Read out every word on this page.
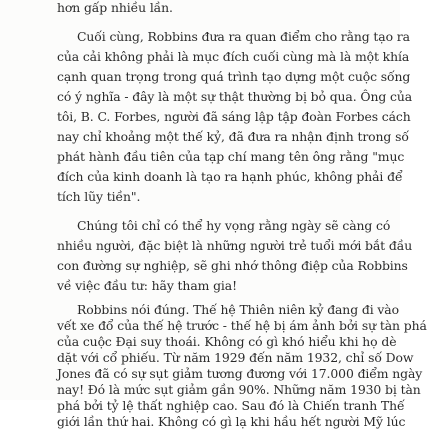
hơn gấp nhiều lần.
Cuối cùng, Robbins đưa ra quan điểm cho rằng tạo ra
của cải không phải là mục đích cuối cùng mà là một khía
cạnh quan trọng trong quá trình tạo dựng một cuộc sống
có ý nghĩa - đây là một sự thật thường bị bỏ qua. Ông của
tôi, B. C. Forbes, người đã sáng lập tập đoàn Forbes cách
nay chỉ khoảng một thế kỷ, đã đưa ra nhận định trong số
phát hành đầu tiên của tạp chí mang tên ông rằng "mục
đích của kinh doanh là tạo ra hạnh phúc, không phải để
tích lũy tiền".
Chúng tôi chỉ có thể hy vọng rằng ngày sẽ càng có
nhiều người, đặc biệt là những người trẻ tuổi mới bắt đầu
con đường sự nghiệp, sẽ ghi nhớ thông điệp của Robbins
về việc đầu tư: hãy tham gia!
Robbins nói đúng. Thế hệ Thiên niên kỷ đang đi vào
vết xe đổ của thế hệ trước - thế hệ bị ám ảnh bởi sự tàn phá
của cuộc Đại suy thoái. Không có gì khó hiểu khi họ dè
dặt với cổ phiếu. Từ năm 1929 đến năm 1932, chỉ số Dow
Jones đã có sự sụt giảm tương đương với 17.000 điểm ngày
nay! Đó là mức sụt giảm gần 90%. Những năm 1930 bị tàn
phá bởi tỷ lệ thất nghiệp cao. Sau đó là Chiến tranh Thế
giới lần thứ hai. Không có gì lạ khi hầu hết người Mỹ lúc
